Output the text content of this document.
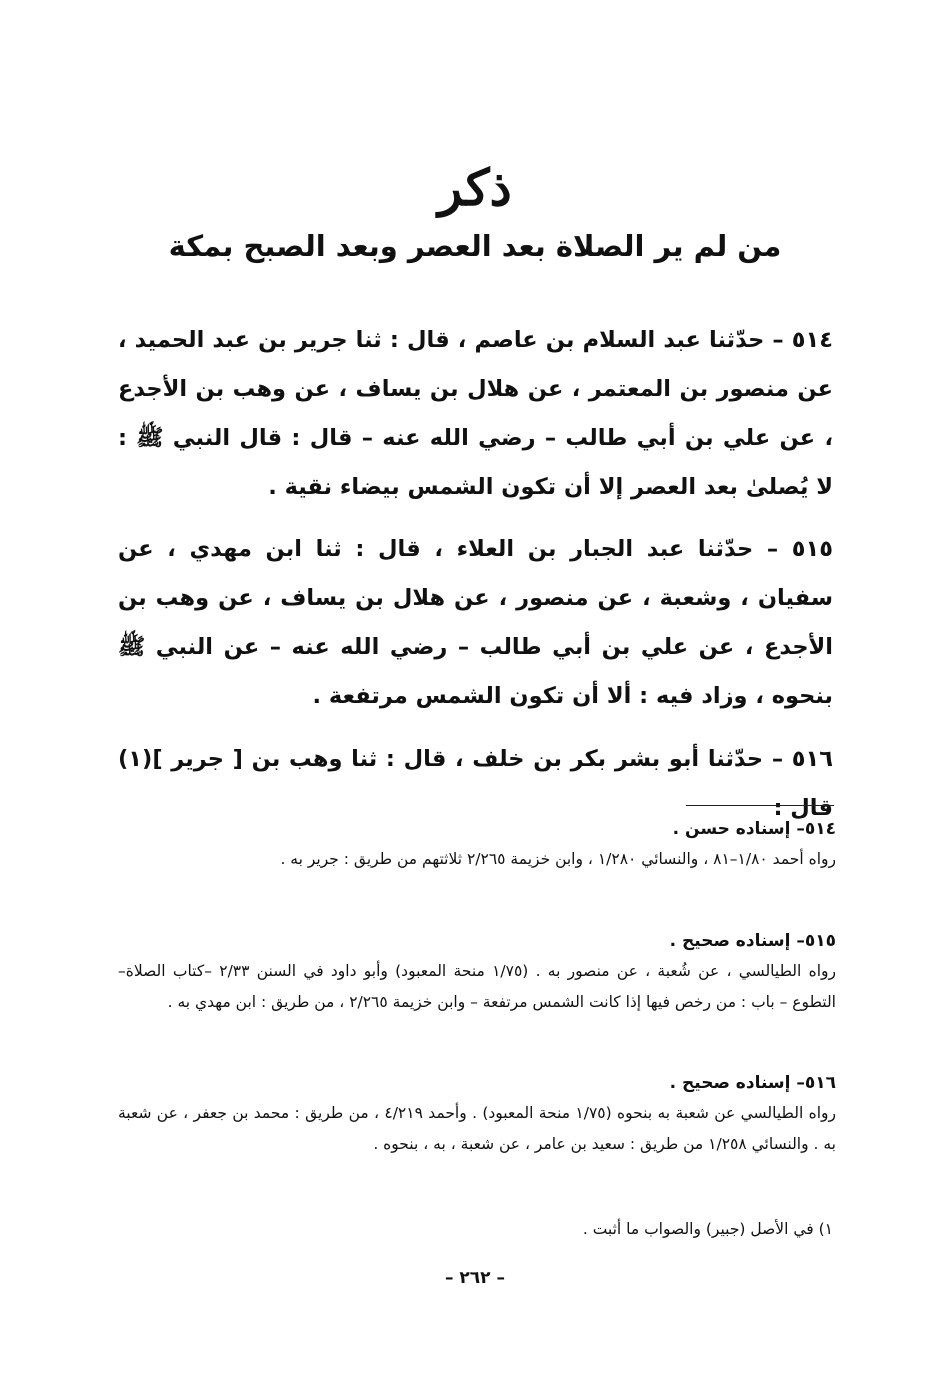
ذكر
من لم ير الصلاة بعد العصر وبعد الصبح بمكة
٥١٤ – حدّثنا عبد السلام بن عاصم ، قال : ثنا جرير بن عبد الحميد ، عن منصور بن المعتمر ، عن هلال بن يساف ، عن وهب بن الأجدع ، عن علي بن أبي طالب – رضي الله عنه – قال : قال النبي ﷺ : لا يُصلىٰ بعد العصر إلا أن تكون الشمس بيضاء نقية .
٥١٥ – حدّثنا عبد الجبار بن العلاء ، قال : ثنا ابن مهدي ، عن سفيان ، وشعبة ، عن منصور ، عن هلال بن يساف ، عن وهب بن الأجدع ، عن علي بن أبي طالب – رضي الله عنه – عن النبي ﷺ بنحوه ، وزاد فيه : ألا أن تكون الشمس مرتفعة .
٥١٦ – حدّثنا أبو بشر بكر بن خلف ، قال : ثنا وهب بن [ جرير ](١) قال :
٥١٤– إسناده حسن .
رواه أحمد ١/٨٠–٨١ ، والنسائي ١/٢٨٠ ، وابن خزيمة ٢/٢٦٥ ثلاثتهم من طريق : جرير به .
٥١٥– إسناده صحيح .
رواه الطيالسي ، عن شُعبة ، عن منصور به . (١/٧٥ منحة المعبود) وأبو داود في السنن ٢/٣٣ –كتاب الصلاة– التطوع – باب : من رخص فيها إذا كانت الشمس مرتفعة – وابن خزيمة ٢/٢٦٥ ، من طريق : ابن مهدي به .
٥١٦– إسناده صحيح .
رواه الطيالسي عن شعبة به بنحوه (١/٧٥ منحة المعبود) . وأحمد ٤/٢١٩ ، من طريق : محمد بن جعفر ، عن شعبة به . والنسائي ١/٢٥٨ من طريق : سعيد بن عامر ، عن شعبة ، به ، بنحوه .
١) في الأصل (جبير) والصواب ما أثبت .
– ٢٦٢ –
